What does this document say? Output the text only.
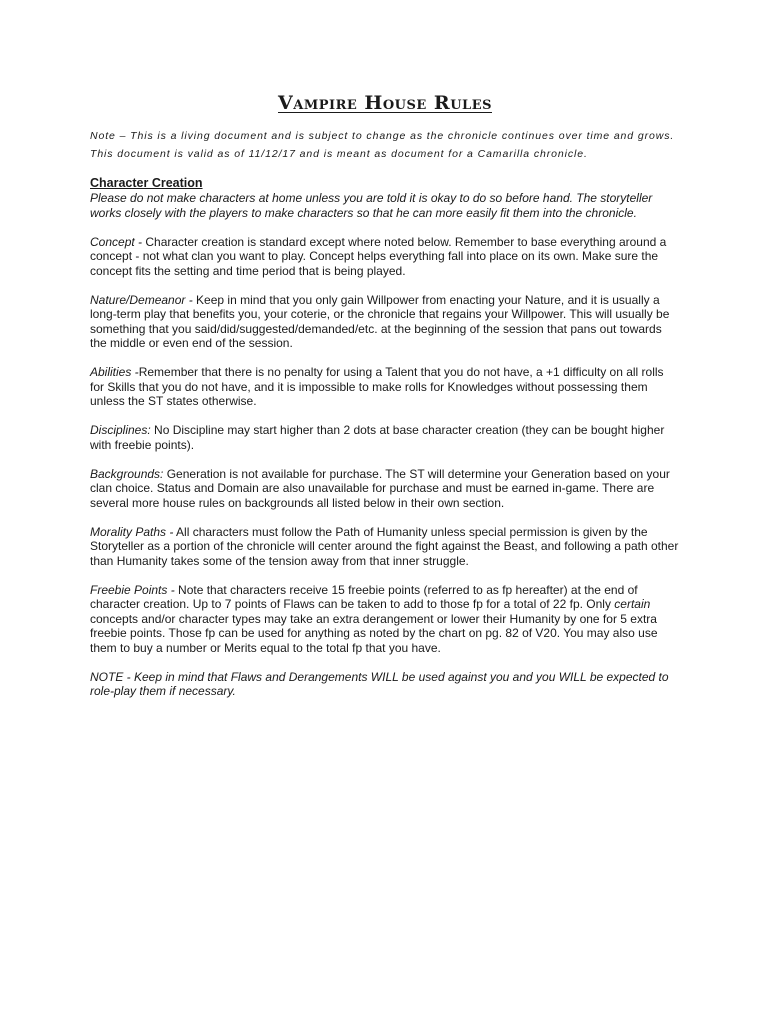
Vampire House Rules

Note – This is a living document and is subject to change as the chronicle continues over time and grows. This document is valid as of 11/12/17 and is meant as document for a Camarilla chronicle.

Character Creation

Please do not make characters at home unless you are told it is okay to do so before hand. The storyteller works closely with the players to make characters so that he can more easily fit them into the chronicle.

Concept - Character creation is standard except where noted below. Remember to base everything around a concept - not what clan you want to play. Concept helps everything fall into place on its own. Make sure the concept fits the setting and time period that is being played.

Nature/Demeanor - Keep in mind that you only gain Willpower from enacting your Nature, and it is usually a long-term play that benefits you, your coterie, or the chronicle that regains your Willpower. This will usually be something that you said/did/suggested/demanded/etc. at the beginning of the session that pans out towards the middle or even end of the session.

Abilities -Remember that there is no penalty for using a Talent that you do not have, a +1 difficulty on all rolls for Skills that you do not have, and it is impossible to make rolls for Knowledges without possessing them unless the ST states otherwise.

Disciplines: No Discipline may start higher than 2 dots at base character creation (they can be bought higher with freebie points).

Backgrounds: Generation is not available for purchase. The ST will determine your Generation based on your clan choice. Status and Domain are also unavailable for purchase and must be earned in-game. There are several more house rules on backgrounds all listed below in their own section.

Morality Paths - All characters must follow the Path of Humanity unless special permission is given by the Storyteller as a portion of the chronicle will center around the fight against the Beast, and following a path other than Humanity takes some of the tension away from that inner struggle.

Freebie Points - Note that characters receive 15 freebie points (referred to as fp hereafter) at the end of character creation. Up to 7 points of Flaws can be taken to add to those fp for a total of 22 fp. Only certain concepts and/or character types may take an extra derangement or lower their Humanity by one for 5 extra freebie points. Those fp can be used for anything as noted by the chart on pg. 82 of V20. You may also use them to buy a number or Merits equal to the total fp that you have.

NOTE - Keep in mind that Flaws and Derangements WILL be used against you and you WILL be expected to role-play them if necessary.
